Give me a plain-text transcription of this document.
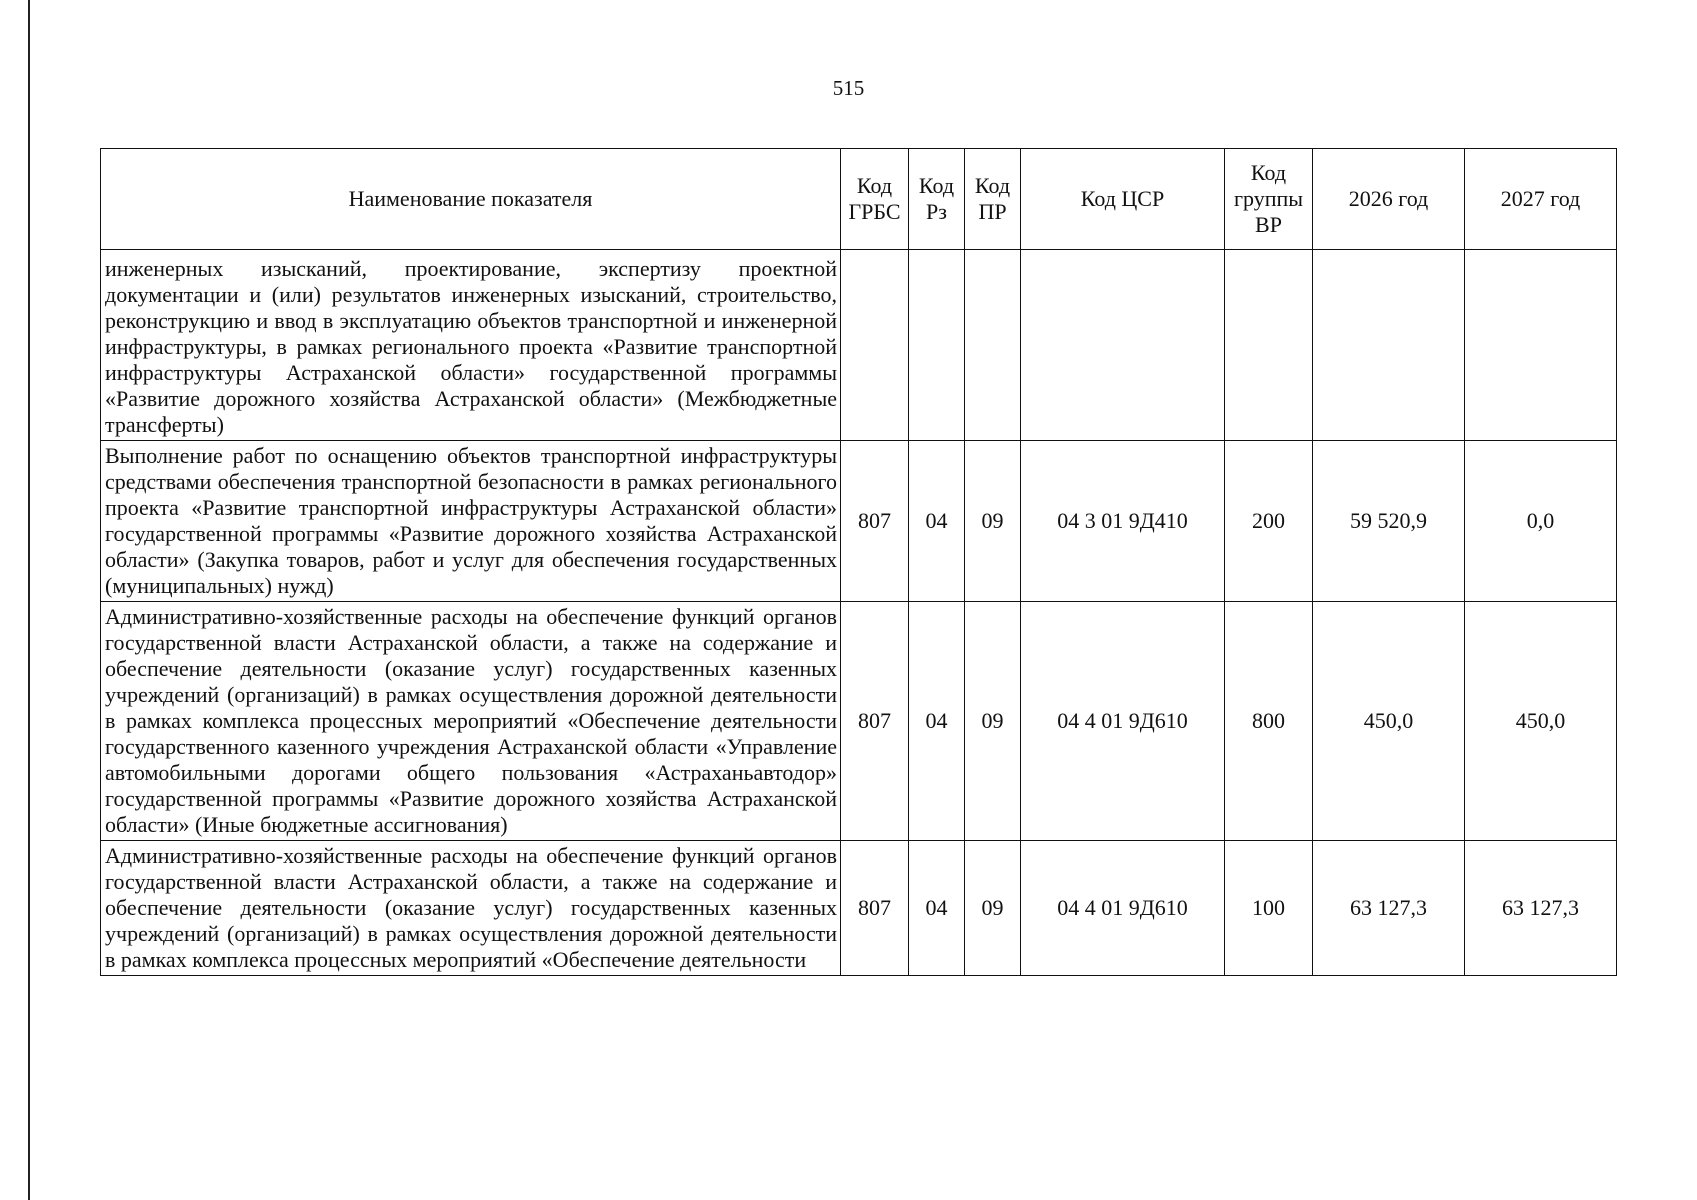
515
Наименование показателя	Код ГРБС	Код Рз	Код ПР	Код ЦСР	Код группы ВР	2026 год	2027 год
инженерных изысканий, проектирование, экспертизу проектной документации и (или) результатов инженерных изысканий, строительство, реконструкцию и ввод в эксплуатацию объектов транспортной и инженерной инфраструктуры, в рамках регионального проекта «Развитие транспортной инфраструктуры Астраханской области» государственной программы «Развитие дорожного хозяйства Астраханской области» (Межбюджетные трансферты)							
Выполнение работ по оснащению объектов транспортной инфраструктуры средствами обеспечения транспортной безопасности в рамках регионального проекта «Развитие транспортной инфраструктуры Астраханской области» государственной программы «Развитие дорожного хозяйства Астраханской области» (Закупка товаров, работ и услуг для обеспечения государственных (муниципальных) нужд)	807	04	09	04 3 01 9Д410	200	59 520,9	0,0
Административно-хозяйственные расходы на обеспечение функций органов государственной власти Астраханской области, а также на содержание и обеспечение деятельности (оказание услуг) государственных казенных учреждений (организаций) в рамках осуществления дорожной деятельности в рамках комплекса процессных мероприятий «Обеспечение деятельности государственного казенного учреждения Астраханской области «Управление автомобильными дорогами общего пользования «Астраханьавтодор» государственной программы «Развитие дорожного хозяйства Астраханской области» (Иные бюджетные ассигнования)	807	04	09	04 4 01 9Д610	800	450,0	450,0
Административно-хозяйственные расходы на обеспечение функций органов государственной власти Астраханской области, а также на содержание и обеспечение деятельности (оказание услуг) государственных казенных учреждений (организаций) в рамках осуществления дорожной деятельности в рамках комплекса процессных мероприятий «Обеспечение деятельности	807	04	09	04 4 01 9Д610	100	63 127,3	63 127,3
